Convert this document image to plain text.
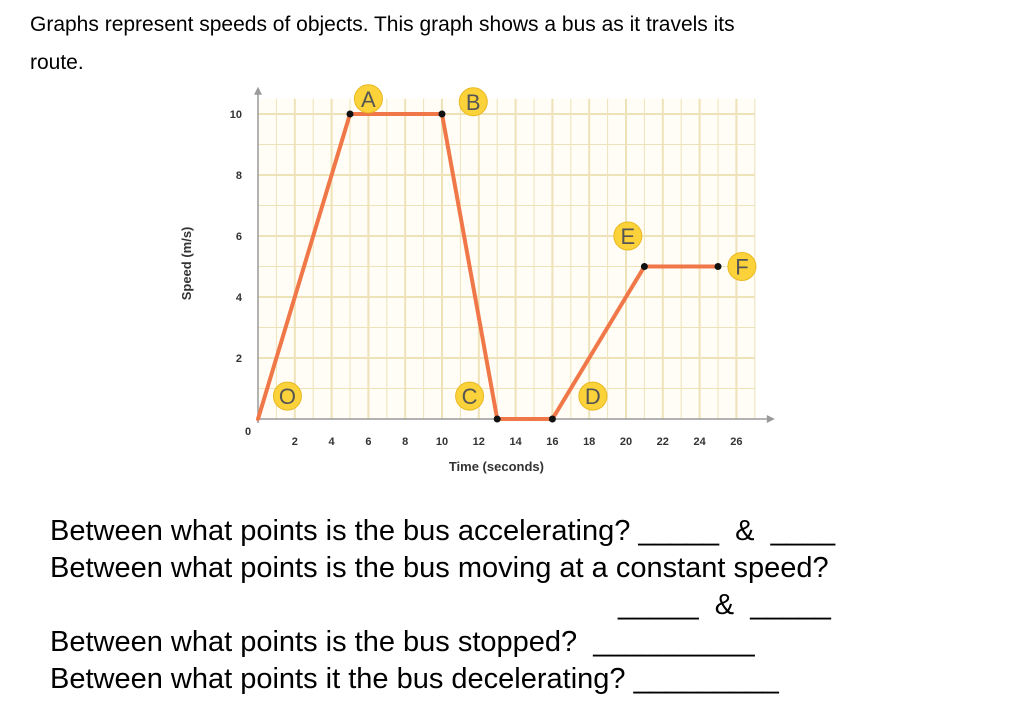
Graphs represent speeds of objects. This graph shows a bus as it travels its
route.
2	4	6	8	10 12 14 16 18 20 22 24 26
2
4
6
8
10
0
Time (seconds)
Speed (m/s)
O
A	B
C	D
E
F
Between what points is the bus accelerating? _____  &  ____
Between what points is the bus moving at a constant speed?
_____  &  _____
Between what points is the bus stopped?  __________
Between what points it the bus decelerating? _________
